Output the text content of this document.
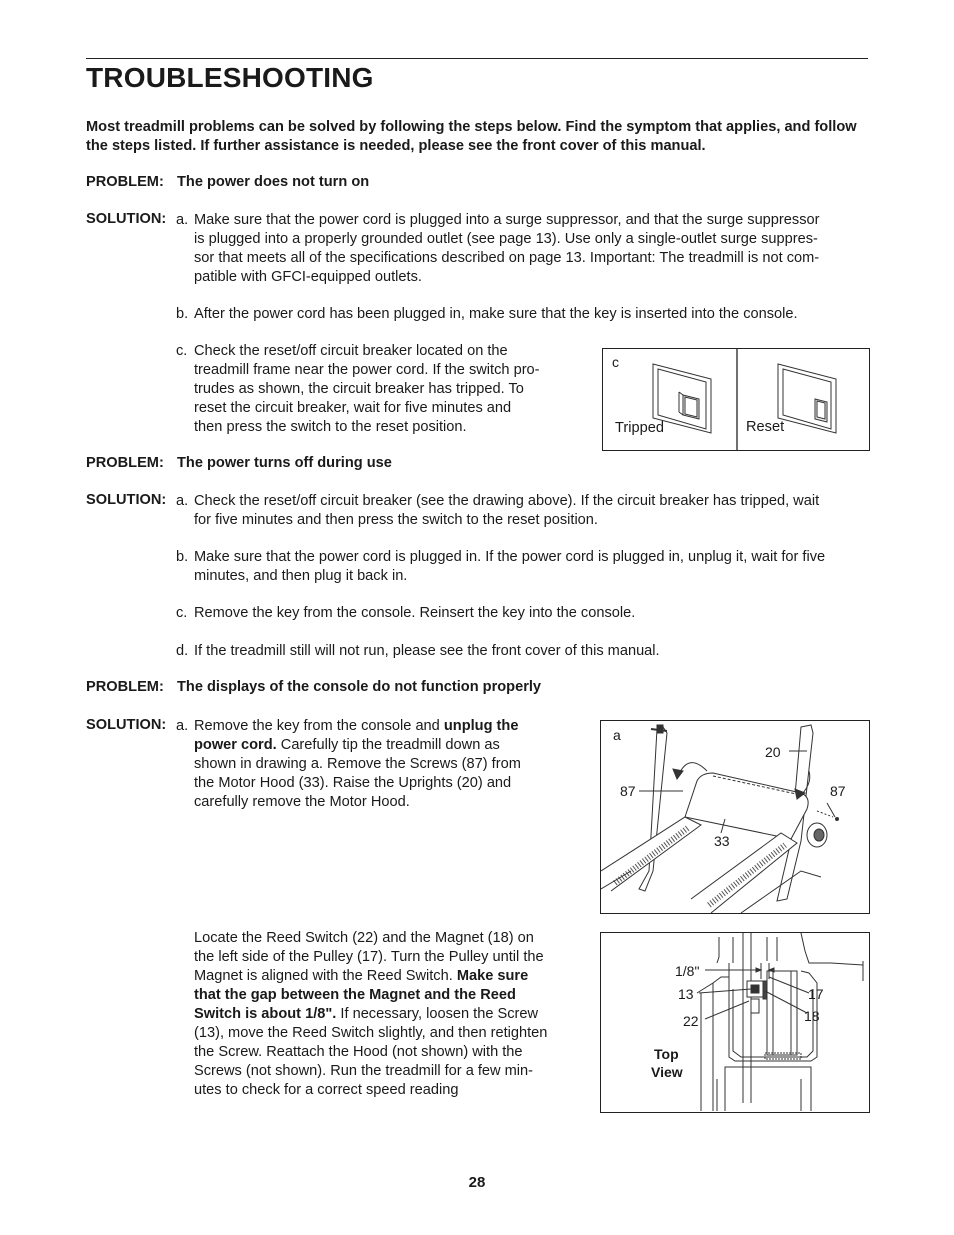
TROUBLESHOOTING
Most treadmill problems can be solved by following the steps below. Find the symptom that applies, and follow the steps listed. If further assistance is needed, please see the front cover of this manual.
PROBLEM: The power does not turn on
SOLUTION: a. Make sure that the power cord is plugged into a surge suppressor, and that the surge suppressor
is plugged into a properly grounded outlet (see page 13). Use only a single-outlet surge suppres-
sor that meets all of the specifications described on page 13. Important: The treadmill is not com-
patible with GFCI-equipped outlets.
b. After the power cord has been plugged in, make sure that the key is inserted into the console.
c. Check the reset/off circuit breaker located on the
treadmill frame near the power cord. If the switch pro-
trudes as shown, the circuit breaker has tripped. To
reset the circuit breaker, wait for five minutes and
then press the switch to the reset position.
c
Tripped	Reset
PROBLEM: The power turns off during use
SOLUTION: a. Check the reset/off circuit breaker (see the drawing above). If the circuit breaker has tripped, wait
for five minutes and then press the switch to the reset position.
b. Make sure that the power cord is plugged in. If the power cord is plugged in, unplug it, wait for five
minutes, and then plug it back in.
c. Remove the key from the console. Reinsert the key into the console.
d. If the treadmill still will not run, please see the front cover of this manual.
PROBLEM: The displays of the console do not function properly
SOLUTION: a. Remove the key from the console and unplug the
power cord. Carefully tip the treadmill down as
shown in drawing a. Remove the Screws (87) from
the Motor Hood (33). Raise the Uprights (20) and
carefully remove the Motor Hood.
Locate the Reed Switch (22) and the Magnet (18) on
the left side of the Pulley (17). Turn the Pulley until the
Magnet is aligned with the Reed Switch. Make sure
that the gap between the Magnet and the Reed
Switch is about 1/8". If necessary, loosen the Screw
(13), move the Reed Switch slightly, and then retighten
the Screw. Reattach the Hood (not shown) with the
Screws (not shown). Run the treadmill for a few min-
utes to check for a correct speed reading
a
20
87	87
33
1/8"
13
22
17
18
Top
View
28
